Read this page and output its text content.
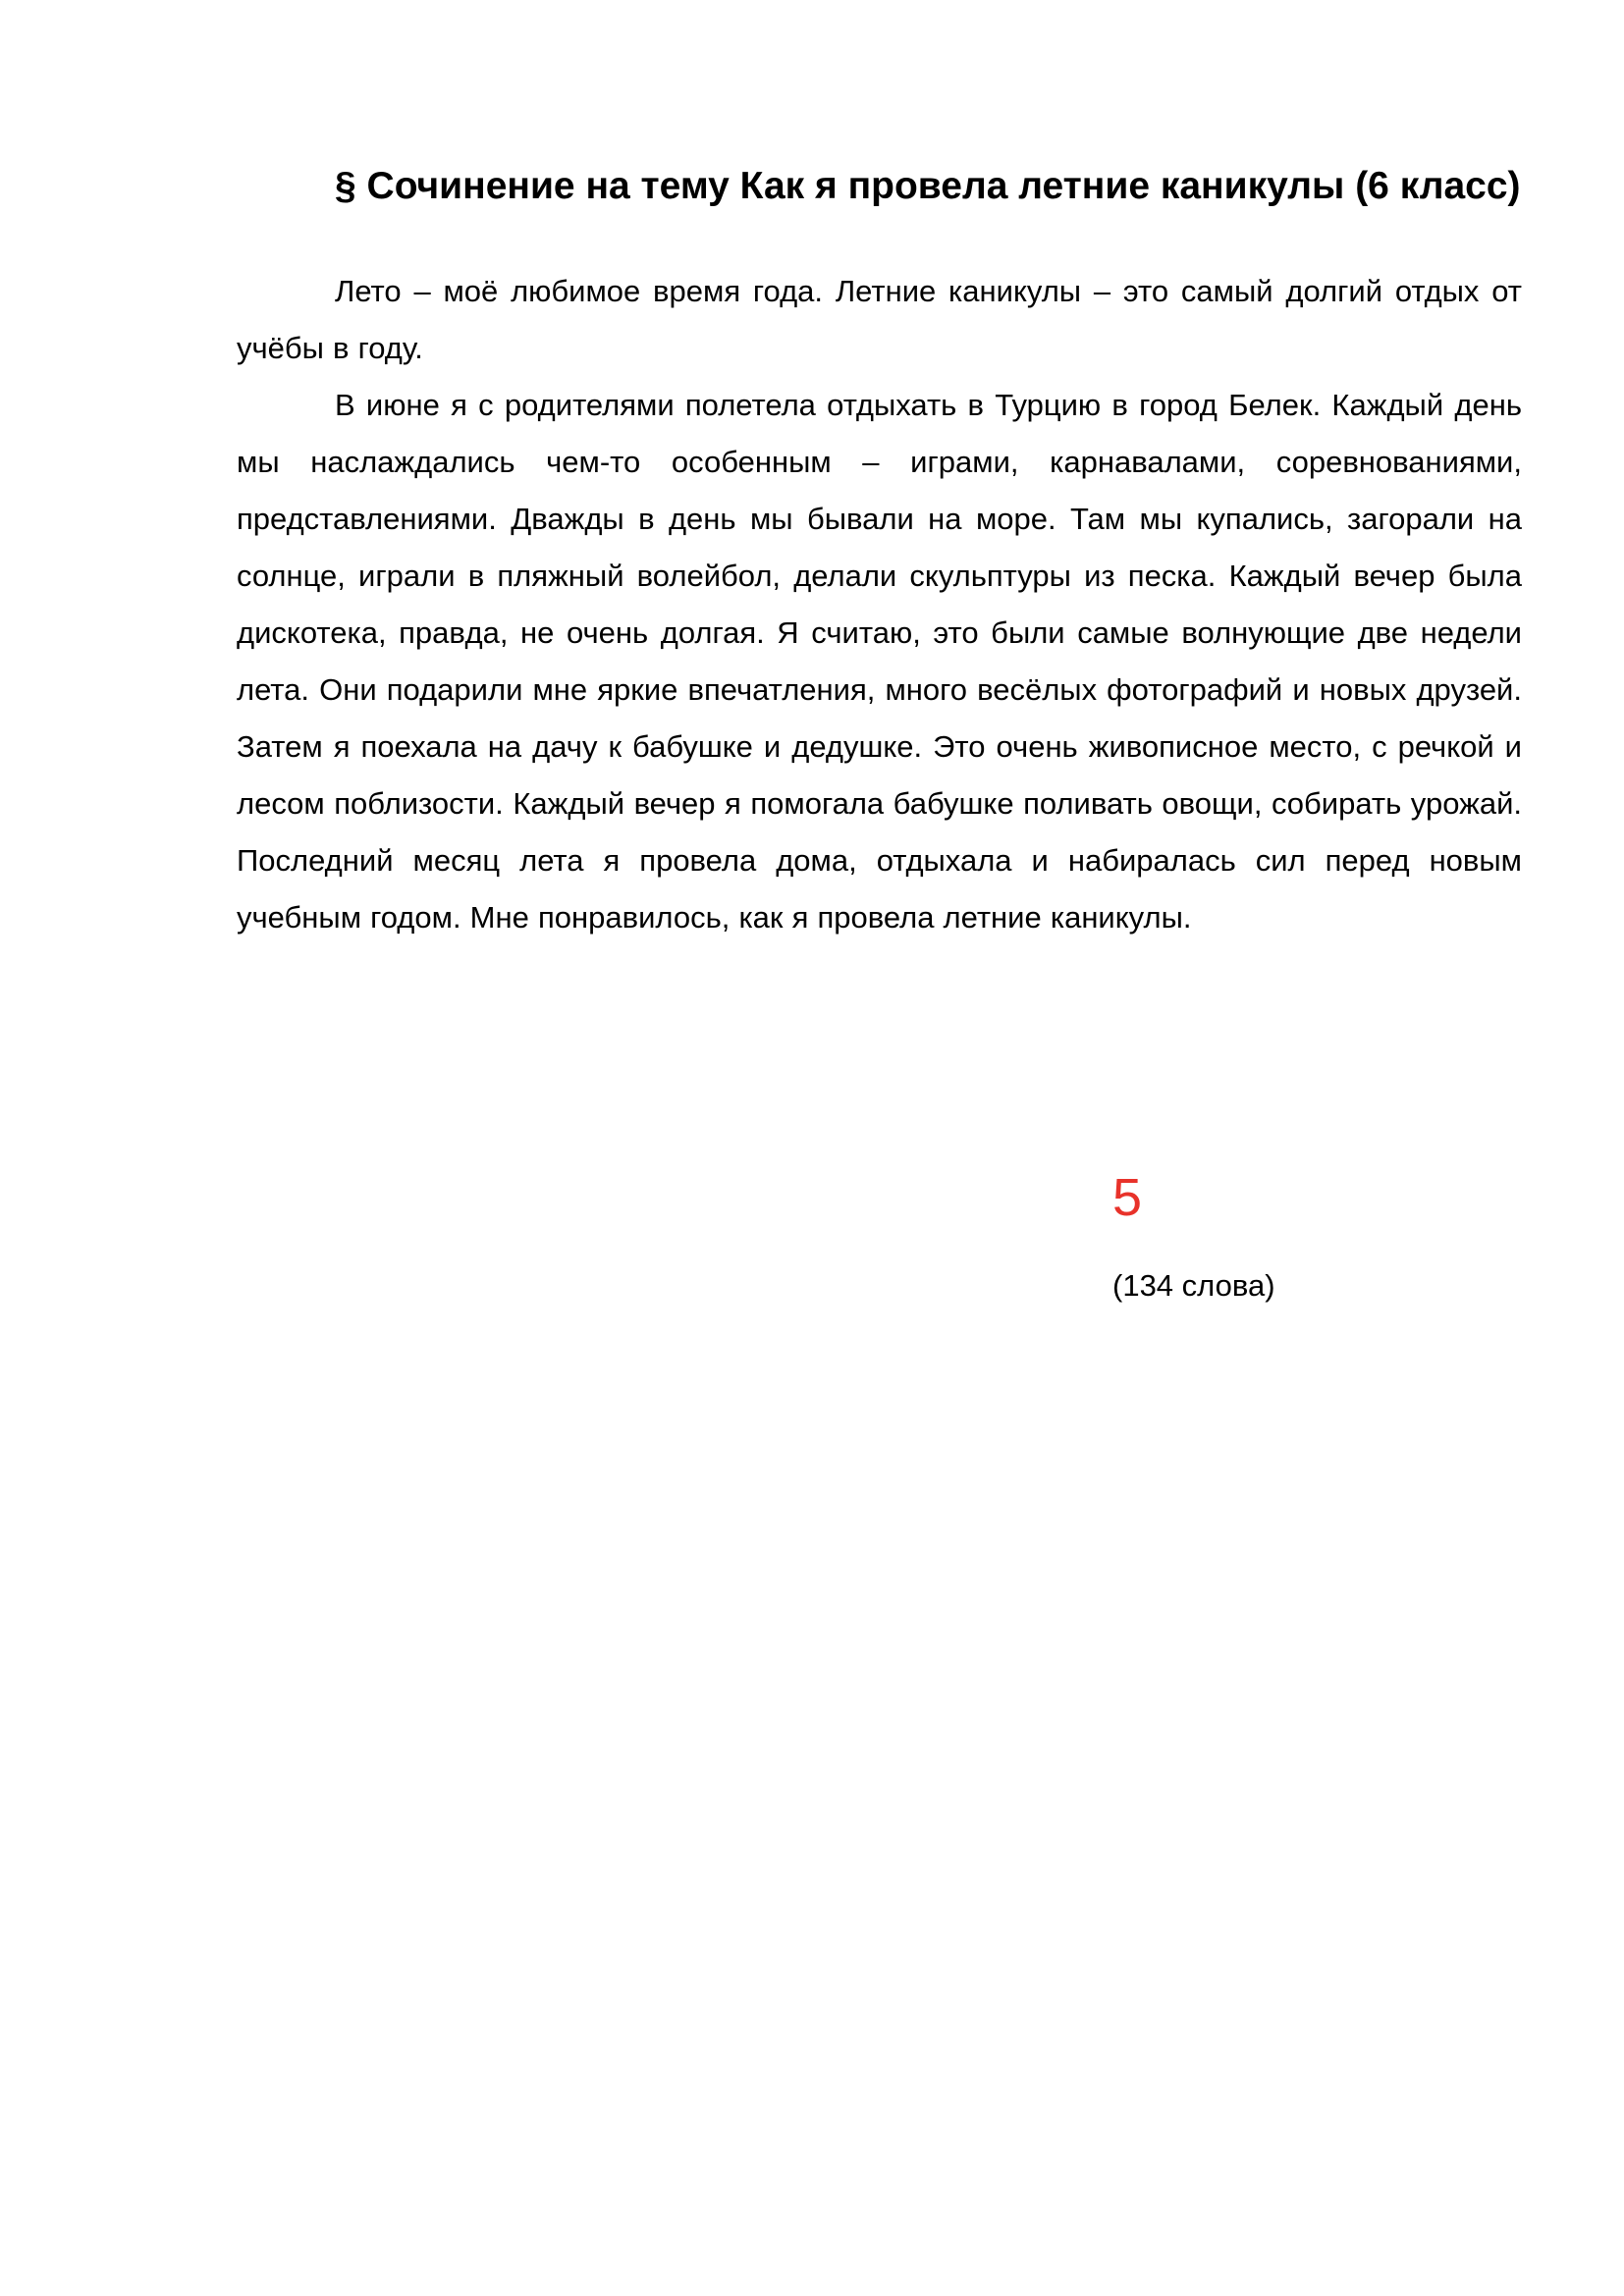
§ Сочинение на тему Как я провела летние каникулы (6 класс)

Лето – моё любимое время года. Летние каникулы – это самый долгий отдых от учёбы в году.

В июне я с родителями полетела отдыхать в Турцию в город Белек. Каждый день мы наслаждались чем-то особенным – играми, карнавалами, соревнованиями, представлениями. Дважды в день мы бывали на море. Там мы купались, загорали на солнце, играли в пляжный волейбол, делали скульптуры из песка. Каждый вечер была дискотека, правда, не очень долгая. Я считаю, это были самые волнующие две недели лета. Они подарили мне яркие впечатления, много весёлых фотографий и новых друзей. Затем я поехала на дачу к бабушке и дедушке. Это очень живописное место, с речкой и лесом поблизости. Каждый вечер я помогала бабушке поливать овощи, собирать урожай. Последний месяц лета я провела дома, отдыхала и набиралась сил перед новым учебным годом. Мне понравилось, как я провела летние каникулы.

5
(134 слова)
